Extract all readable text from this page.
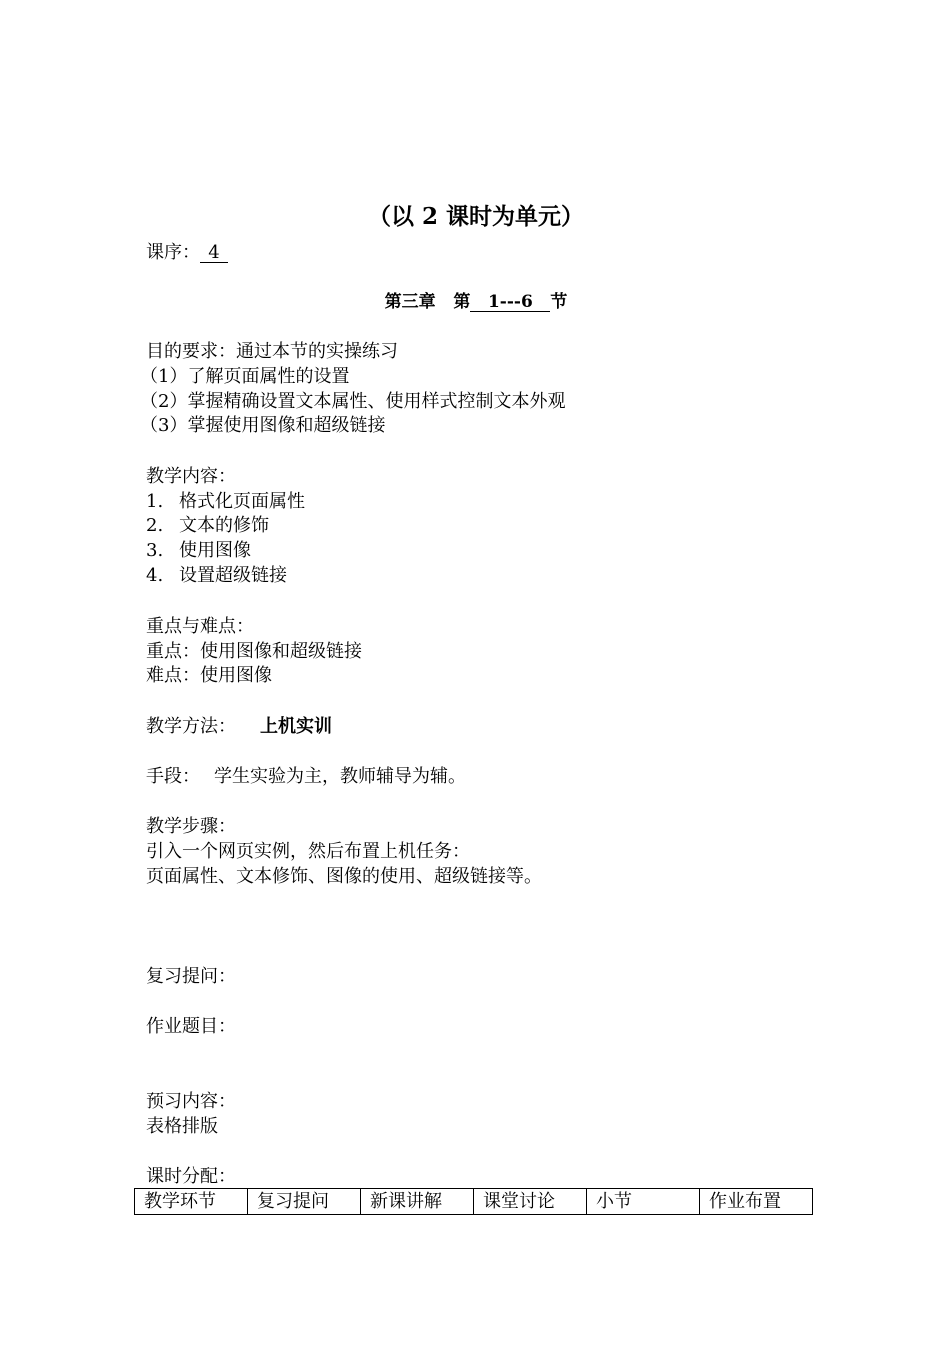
（以 2 课时为单元）
课序： 4
第三章 第 1---6 节
目的要求：通过本节的实操练习
（1）了解页面属性的设置
（2）掌握精确设置文本属性、使用样式控制文本外观
（3）掌握使用图像和超级链接
教学内容：
1. 格式化页面属性
2. 文本的修饰
3. 使用图像
4. 设置超级链接
重点与难点：
重点：使用图像和超级链接
难点：使用图像
教学方法： 上机实训
手段： 学生实验为主，教师辅导为辅。
教学步骤：
引入一个网页实例，然后布置上机任务：
页面属性、文本修饰、图像的使用、超级链接等。
复习提问：
作业题目：
预习内容：
表格排版
课时分配：
教学环节	复习提问	新课讲解	课堂讨论	小节	作业布置
